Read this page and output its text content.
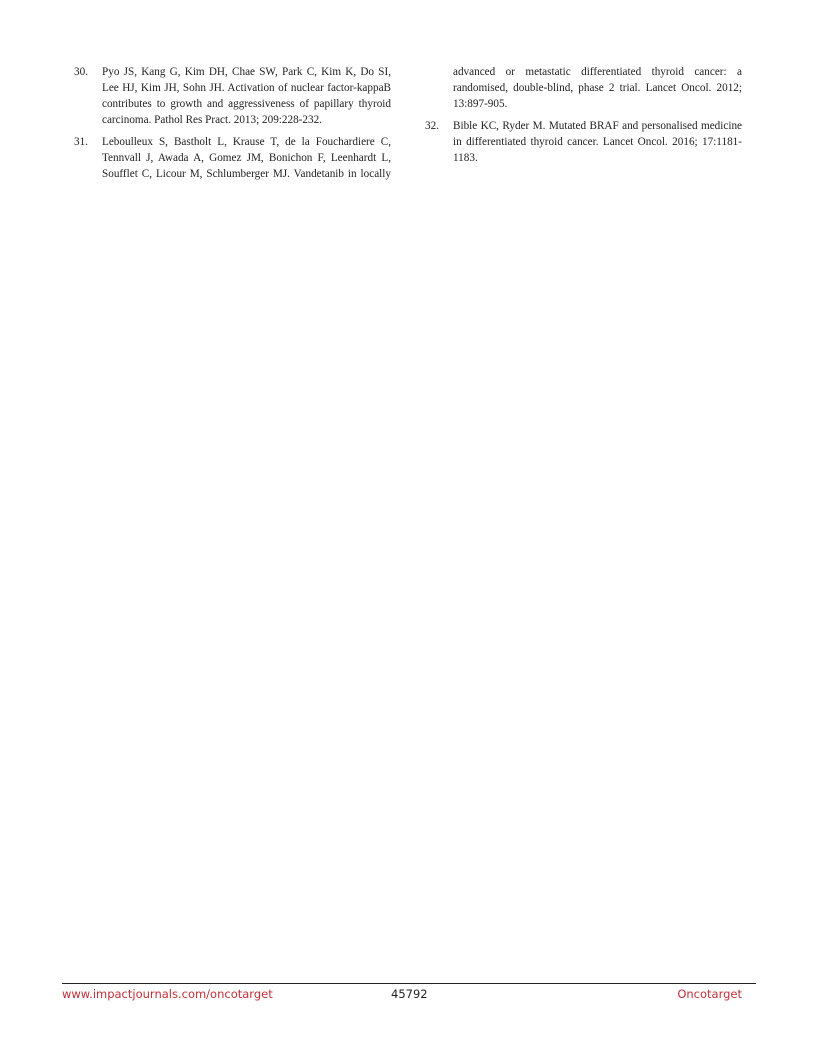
30.	Pyo JS, Kang G, Kim DH, Chae SW, Park C, Kim K, Do SI, Lee HJ, Kim JH, Sohn JH. Activation of nuclear factor-kappaB contributes to growth and aggressiveness of papillary thyroid carcinoma. Pathol Res Pract. 2013; 209:228-232.
31.	Leboulleux S, Bastholt L, Krause T, de la Fouchardiere C, Tennvall J, Awada A, Gomez JM, Bonichon F, Leenhardt L, Soufflet C, Licour M, Schlumberger MJ. Vandetanib in locally advanced or metastatic differentiated thyroid cancer: a randomised, double-blind, phase 2 trial. Lancet Oncol. 2012; 13:897-905.
32.	Bible KC, Ryder M. Mutated BRAF and personalised medicine in differentiated thyroid cancer. Lancet Oncol. 2016; 17:1181-1183.
www.impactjournals.com/oncotarget	45792	Oncotarget
